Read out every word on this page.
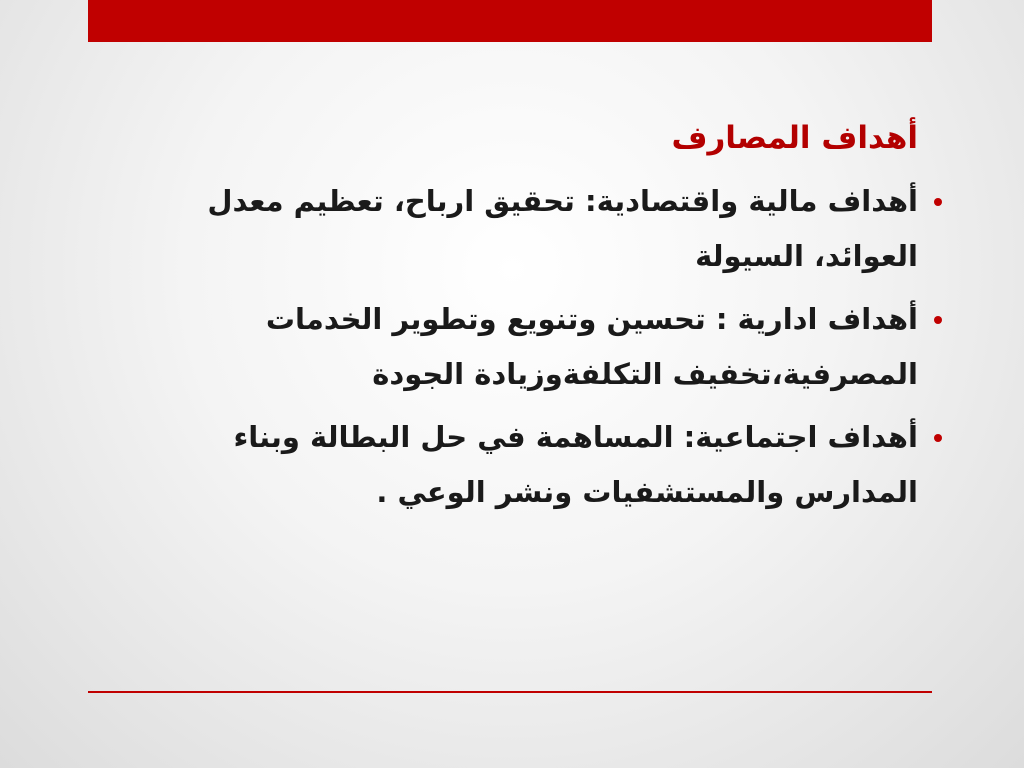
أهداف المصارف
أهداف مالية واقتصادية: تحقيق ارباح، تعظيم معدل العوائد، السيولة
أهداف ادارية : تحسين وتنويع وتطوير الخدمات المصرفية،تخفيف التكلفةوزيادة الجودة
أهداف اجتماعية: المساهمة في حل البطالة وبناء المدارس والمستشفيات ونشر الوعي .
